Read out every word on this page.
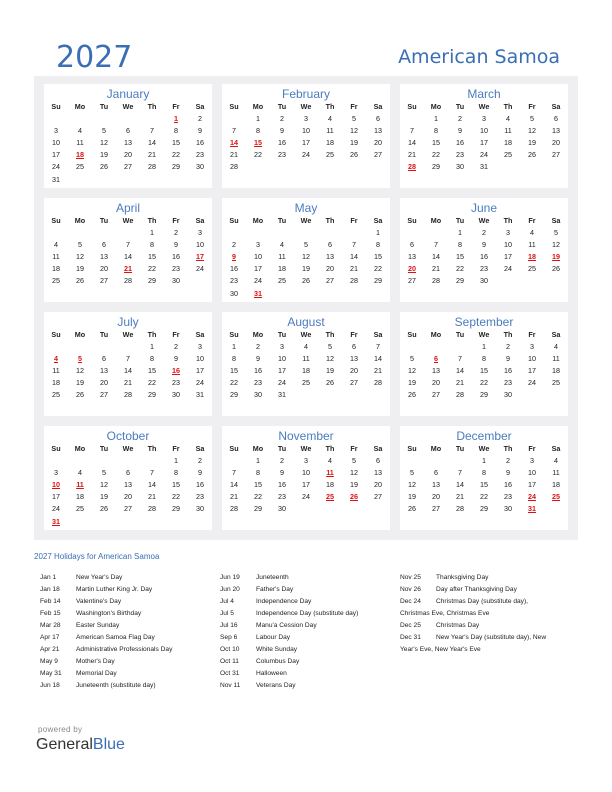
2027	American Samoa
January
Su	Mo	Tu	We	Th	Fr	Sa
					1	2
3	4	5	6	7	8	9
10	11	12	13	14	15	16
17	18	19	20	21	22	23
24	25	26	27	28	29	30
31						
February
Su	Mo	Tu	We	Th	Fr	Sa
	1	2	3	4	5	6
7	8	9	10	11	12	13
14	15	16	17	18	19	20
21	22	23	24	25	26	27
28						
March
Su	Mo	Tu	We	Th	Fr	Sa
	1	2	3	4	5	6
7	8	9	10	11	12	13
14	15	16	17	18	19	20
21	22	23	24	25	26	27
28	29	30	31			
April
Su	Mo	Tu	We	Th	Fr	Sa
				1	2	3
4	5	6	7	8	9	10
11	12	13	14	15	16	17
18	19	20	21	22	23	24
25	26	27	28	29	30	
May
Su	Mo	Tu	We	Th	Fr	Sa
						1
2	3	4	5	6	7	8
9	10	11	12	13	14	15
16	17	18	19	20	21	22
23	24	25	26	27	28	29
30	31					
June
Su	Mo	Tu	We	Th	Fr	Sa
		1	2	3	4	5
6	7	8	9	10	11	12
13	14	15	16	17	18	19
20	21	22	23	24	25	26
27	28	29	30			
July
Su	Mo	Tu	We	Th	Fr	Sa
				1	2	3
4	5	6	7	8	9	10
11	12	13	14	15	16	17
18	19	20	21	22	23	24
25	26	27	28	29	30	31
August
Su	Mo	Tu	We	Th	Fr	Sa
1	2	3	4	5	6	7
8	9	10	11	12	13	14
15	16	17	18	19	20	21
22	23	24	25	26	27	28
29	30	31				
September
Su	Mo	Tu	We	Th	Fr	Sa
			1	2	3	4
5	6	7	8	9	10	11
12	13	14	15	16	17	18
19	20	21	22	23	24	25
26	27	28	29	30		
October
Su	Mo	Tu	We	Th	Fr	Sa
					1	2
3	4	5	6	7	8	9
10	11	12	13	14	15	16
17	18	19	20	21	22	23
24	25	26	27	28	29	30
31						
November
Su	Mo	Tu	We	Th	Fr	Sa
	1	2	3	4	5	6
7	8	9	10	11	12	13
14	15	16	17	18	19	20
21	22	23	24	25	26	27
28	29	30				
December
Su	Mo	Tu	We	Th	Fr	Sa
			1	2	3	4
5	6	7	8	9	10	11
12	13	14	15	16	17	18
19	20	21	22	23	24	25
26	27	28	29	30	31	
2027 Holidays for American Samoa
Jan 1	New Year's Day
Jan 18	Martin Luther King Jr. Day
Feb 14	Valentine's Day
Feb 15	Washington's Birthday
Mar 28	Easter Sunday
Apr 17	American Samoa Flag Day
Apr 21	Administrative Professionals Day
May 9	Mother's Day
May 31	Memorial Day
Jun 18	Juneteenth (substitute day)
Jun 19	Juneteenth
Jun 20	Father's Day
Jul 4	Independence Day
Jul 5	Independence Day (substitute day)
Jul 16	Manu'a Cession Day
Sep 6	Labour Day
Oct 10	White Sunday
Oct 11	Columbus Day
Oct 31	Halloween
Nov 11	Veterans Day
Nov 25	Thanksgiving Day
Nov 26	Day after Thanksgiving Day
Dec 24	Christmas Day (substitute day),
Christmas Eve, Christmas Eve
Dec 25	Christmas Day
Dec 31	New Year's Day (substitute day), New
Year's Eve, New Year's Eve
powered by
GeneralBlue
